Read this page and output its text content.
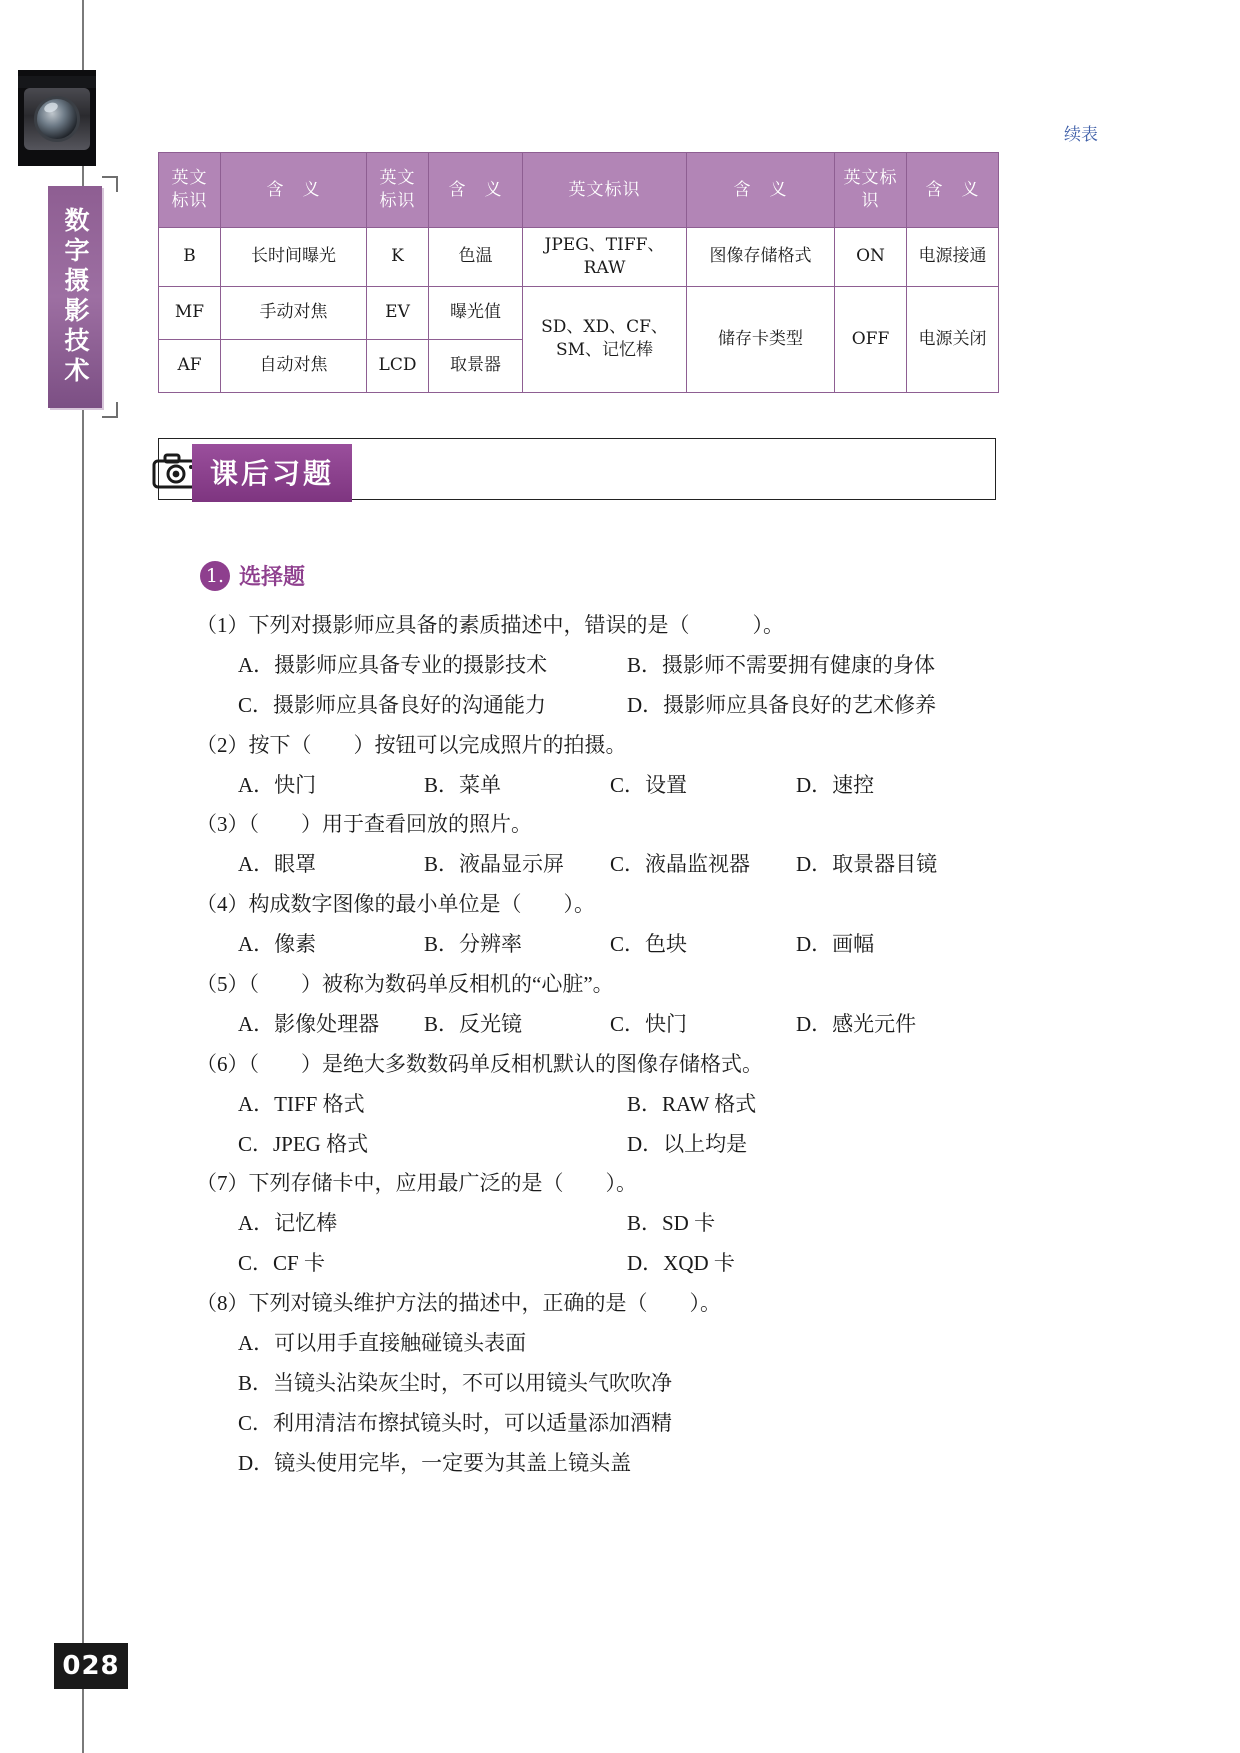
数字摄影技术
续表
英文标识	含　义	英文标识	含　义	英文标识	含　义	英文标识	含　义
B	长时间曝光	K	色温	JPEG、TIFF、RAW	图像存储格式	ON	电源接通
MF	手动对焦	EV	曝光值	SD、XD、CF、SM、记忆棒	储存卡类型	OFF	电源关闭
AF	自动对焦	LCD	取景器				
课后习题
1. 选择题
（1）下列对摄影师应具备的素质描述中，错误的是（　　　）。
A．摄影师应具备专业的摄影技术	B．摄影师不需要拥有健康的身体
C．摄影师应具备良好的沟通能力	D．摄影师应具备良好的艺术修养
（2）按下（　　）按钮可以完成照片的拍摄。
A．快门	B．菜单	C．设置	D．速控
（3）（　　）用于查看回放的照片。
A．眼罩	B．液晶显示屏	C．液晶监视器	D．取景器目镜
（4）构成数字图像的最小单位是（　　）。
A．像素	B．分辨率	C．色块	D．画幅
（5）（　　）被称为数码单反相机的“心脏”。
A．影像处理器	B．反光镜	C．快门	D．感光元件
（6）（　　）是绝大多数数码单反相机默认的图像存储格式。
A．TIFF 格式	B．RAW 格式
C．JPEG 格式	D．以上均是
（7）下列存储卡中，应用最广泛的是（　　）。
A．记忆棒	B．SD 卡
C．CF 卡	D．XQD 卡
（8）下列对镜头维护方法的描述中，正确的是（　　）。
A．可以用手直接触碰镜头表面
B．当镜头沾染灰尘时，不可以用镜头气吹吹净
C．利用清洁布擦拭镜头时，可以适量添加酒精
D．镜头使用完毕，一定要为其盖上镜头盖
028
